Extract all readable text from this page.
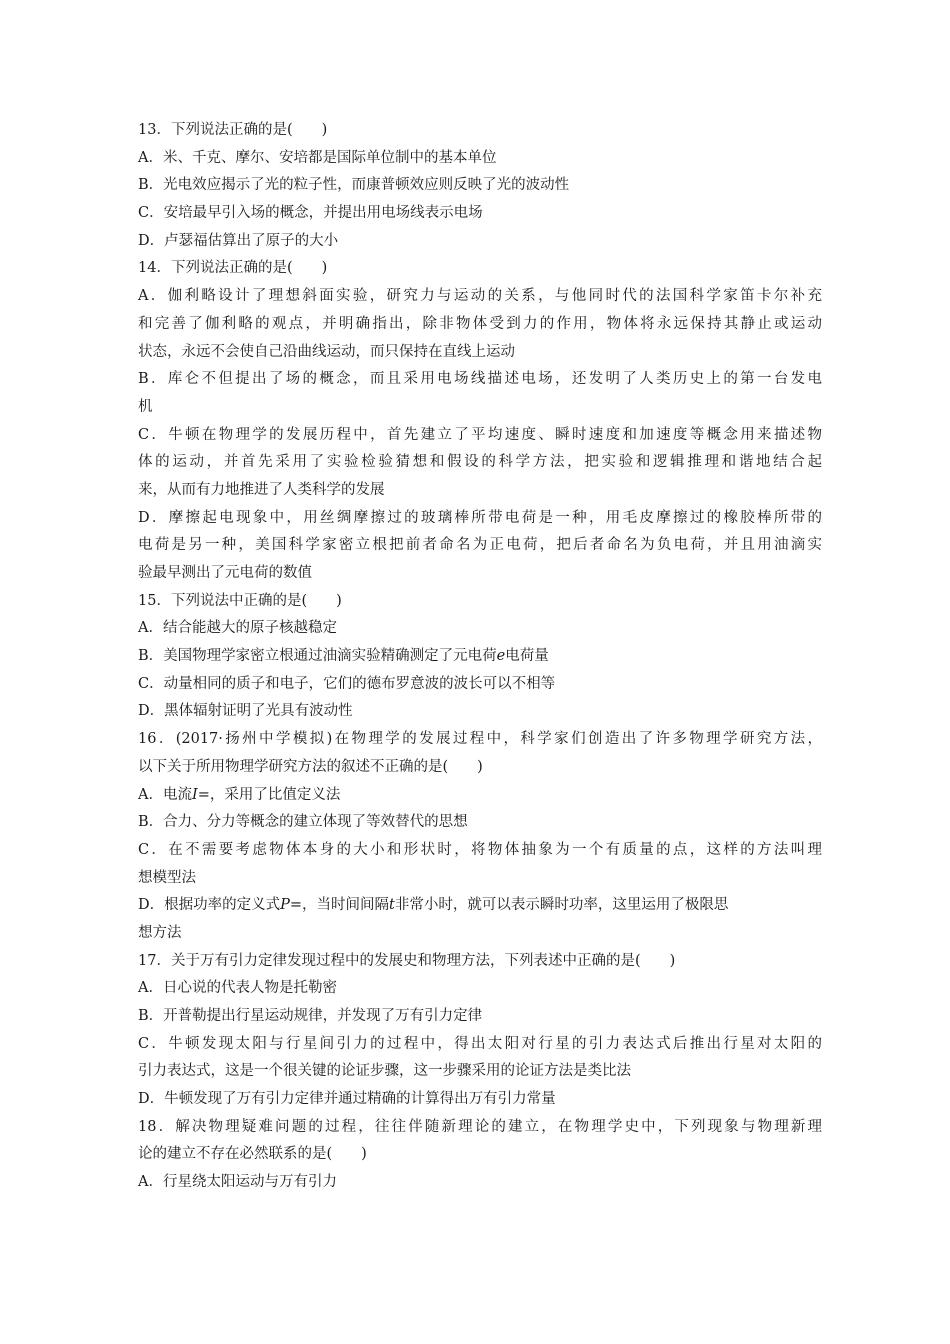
13．下列说法正确的是(　　)
A．米、千克、摩尔、安培都是国际单位制中的基本单位
B．光电效应揭示了光的粒子性，而康普顿效应则反映了光的波动性
C．安培最早引入场的概念，并提出用电场线表示电场
D．卢瑟福估算出了原子的大小
14．下列说法正确的是(　　)
A．伽利略设计了理想斜面实验，研究力与运动的关系，与他同时代的法国科学家笛卡尔补充
和完善了伽利略的观点，并明确指出，除非物体受到力的作用，物体将永远保持其静止或运动
状态，永远不会使自己沿曲线运动，而只保持在直线上运动
B．库仑不但提出了场的概念，而且采用电场线描述电场，还发明了人类历史上的第一台发电
机
C．牛顿在物理学的发展历程中，首先建立了平均速度、瞬时速度和加速度等概念用来描述物
体的运动，并首先采用了实验检验猜想和假设的科学方法，把实验和逻辑推理和谐地结合起
来，从而有力地推进了人类科学的发展
D．摩擦起电现象中，用丝绸摩擦过的玻璃棒所带电荷是一种，用毛皮摩擦过的橡胶棒所带的
电荷是另一种，美国科学家密立根把前者命名为正电荷，把后者命名为负电荷，并且用油滴实
验最早测出了元电荷的数值
15．下列说法中正确的是(　　)
A．结合能越大的原子核越稳定
B．美国物理学家密立根通过油滴实验精确测定了元电荷e电荷量
C．动量相同的质子和电子，它们的德布罗意波的波长可以不相等
D．黑体辐射证明了光具有波动性
16．(2017·扬州中学模拟)在物理学的发展过程中，科学家们创造出了许多物理学研究方法，
以下关于所用物理学研究方法的叙述不正确的是(　　)
A．电流I=，采用了比值定义法
B．合力、分力等概念的建立体现了等效替代的思想
C．在不需要考虑物体本身的大小和形状时，将物体抽象为一个有质量的点，这样的方法叫理
想模型法
D．根据功率的定义式P=，当时间间隔t非常小时，就可以表示瞬时功率，这里运用了极限思
想方法
17．关于万有引力定律发现过程中的发展史和物理方法，下列表述中正确的是(　　)
A．日心说的代表人物是托勒密
B．开普勒提出行星运动规律，并发现了万有引力定律
C．牛顿发现太阳与行星间引力的过程中，得出太阳对行星的引力表达式后推出行星对太阳的
引力表达式，这是一个很关键的论证步骤，这一步骤采用的论证方法是类比法
D．牛顿发现了万有引力定律并通过精确的计算得出万有引力常量
18．解决物理疑难问题的过程，往往伴随新理论的建立，在物理学史中，下列现象与物理新理
论的建立不存在必然联系的是(　　)
A．行星绕太阳运动与万有引力
